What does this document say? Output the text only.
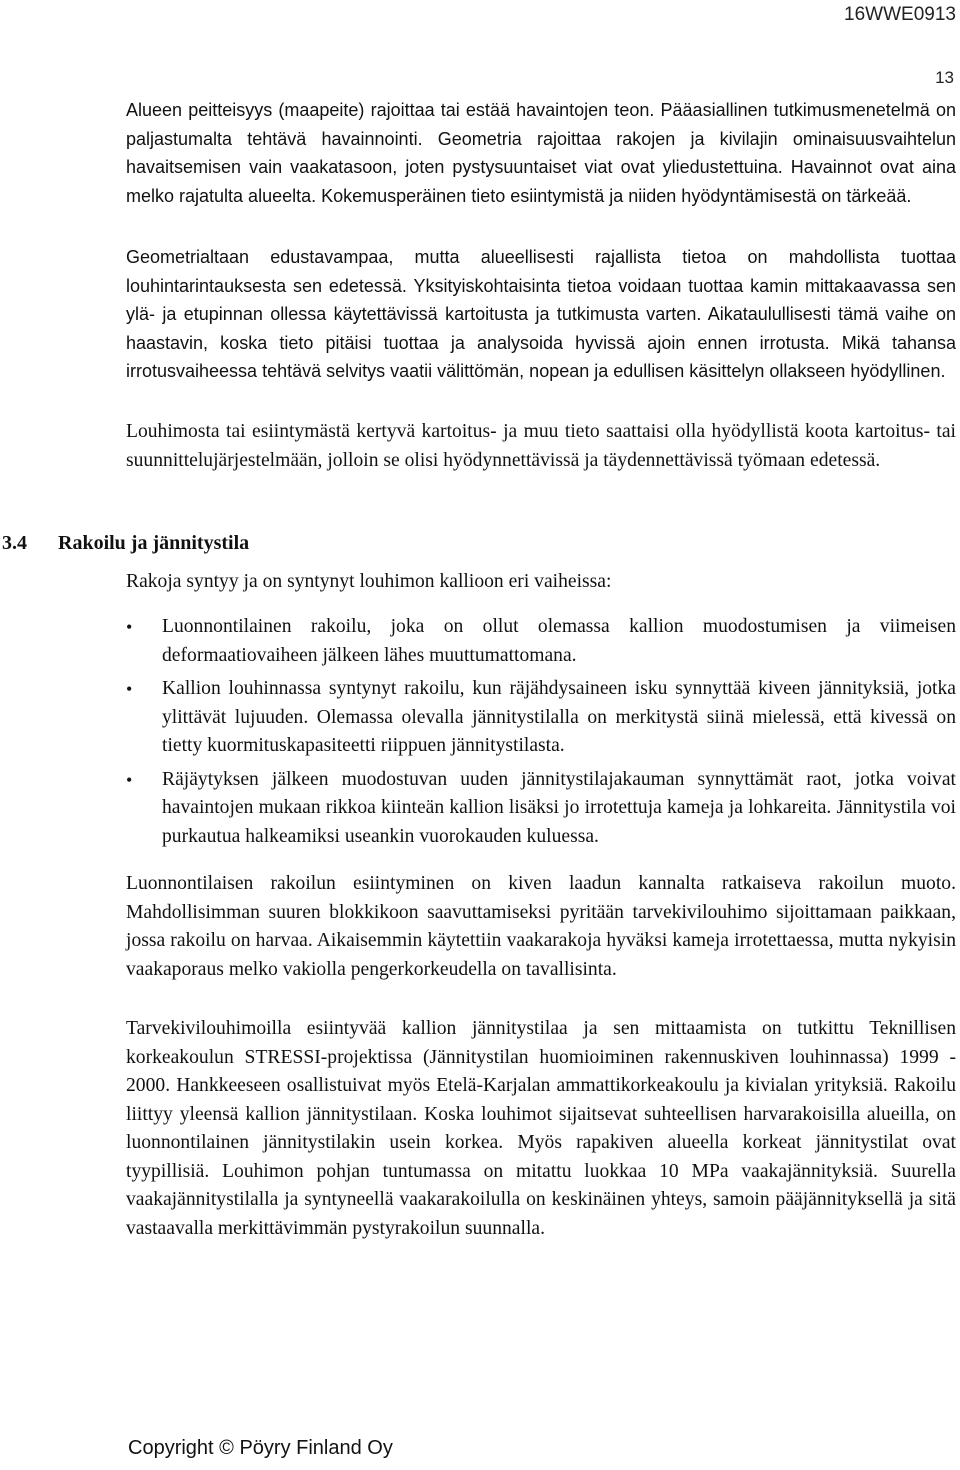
16WWE0913
13

Alueen peitteisyys (maapeite) rajoittaa tai estää havaintojen teon. Pääasiallinen tutkimusmenetelmä on paljastumalta tehtävä havainnointi. Geometria rajoittaa rakojen ja kivilajin ominaisuusvaihtelun havaitsemisen vain vaakatasoon, joten pystysuuntaiset viat ovat yliedustettuina. Havainnot ovat aina melko rajatulta alueelta. Kokemusperäinen tieto esiintymistä ja niiden hyödyntämisestä on tärkeää.

Geometrialtaan edustavampaa, mutta alueellisesti rajallista tietoa on mahdollista tuottaa louhintarintauksesta sen edetessä. Yksityiskohtaisinta tietoa voidaan tuottaa kamin mittakaavassa sen ylä- ja etupinnan ollessa käytettävissä kartoitusta ja tutkimusta varten. Aikataulullisesti tämä vaihe on haastavin, koska tieto pitäisi tuottaa ja analysoida hyvissä ajoin ennen irrotusta. Mikä tahansa irrotusvaiheessa tehtävä selvitys vaatii välittömän, nopean ja edullisen käsittelyn ollakseen hyödyllinen.

Louhimosta tai esiintymästä kertyvä kartoitus- ja muu tieto saattaisi olla hyödyllistä koota kartoitus- tai suunnittelujärjestelmään, jolloin se olisi hyödynnettävissä ja täydennettävissä työmaan edetessä.

3.4 Rakoilu ja jännitystila

Rakoja syntyy ja on syntynyt louhimon kallioon eri vaiheissa:

• Luonnontilainen rakoilu, joka on ollut olemassa kallion muodostumisen ja viimeisen deformaatiovaiheen jälkeen lähes muuttumattomana.
• Kallion louhinnassa syntynyt rakoilu, kun räjähdysaineen isku synnyttää kiveen jännityksiä, jotka ylittävät lujuuden. Olemassa olevalla jännitystilalla on merkitystä siinä mielessä, että kivessä on tietty kuormituskapasiteetti riippuen jännitystilasta.
• Räjäytyksen jälkeen muodostuvan uuden jännitystilajakauman synnyttämät raot, jotka voivat havaintojen mukaan rikkoa kiinteän kallion lisäksi jo irrotettuja kameja ja lohkareita. Jännitystila voi purkautua halkeamiksi useankin vuorokauden kuluessa.

Luonnontilaisen rakoilun esiintyminen on kiven laadun kannalta ratkaiseva rakoilun muoto. Mahdollisimman suuren blokkikoon saavuttamiseksi pyritään tarvekivilouhimo sijoittamaan paikkaan, jossa rakoilu on harvaa. Aikaisemmin käytettiin vaakarakoja hyväksi kameja irrotettaessa, mutta nykyisin vaakaporaus melko vakiolla pengerkorkeudella on tavallisinta.

Tarvekivilouhimoilla esiintyvää kallion jännitystilaa ja sen mittaamista on tutkittu Teknillisen korkeakoulun STRESSI-projektissa (Jännitystilan huomioiminen rakennuskiven louhinnassa) 1999 - 2000. Hankkeeseen osallistuivat myös Etelä-Karjalan ammattikorkeakoulu ja kivialan yrityksiä. Rakoilu liittyy yleensä kallion jännitystilaan. Koska louhimot sijaitsevat suhteellisen harvarakoisilla alueilla, on luonnontilainen jännitystilakin usein korkea. Myös rapakiven alueella korkeat jännitystilat ovat tyypillisiä. Louhimon pohjan tuntumassa on mitattu luokkaa 10 MPa vaakajännityksiä. Suurella vaakajännitystilalla ja syntyneellä vaakarakoilulla on keskinäinen yhteys, samoin pääjännityksellä ja sitä vastaavalla merkittävimmän pystyrakoilun suunnalla.

Copyright © Pöyry Finland Oy
